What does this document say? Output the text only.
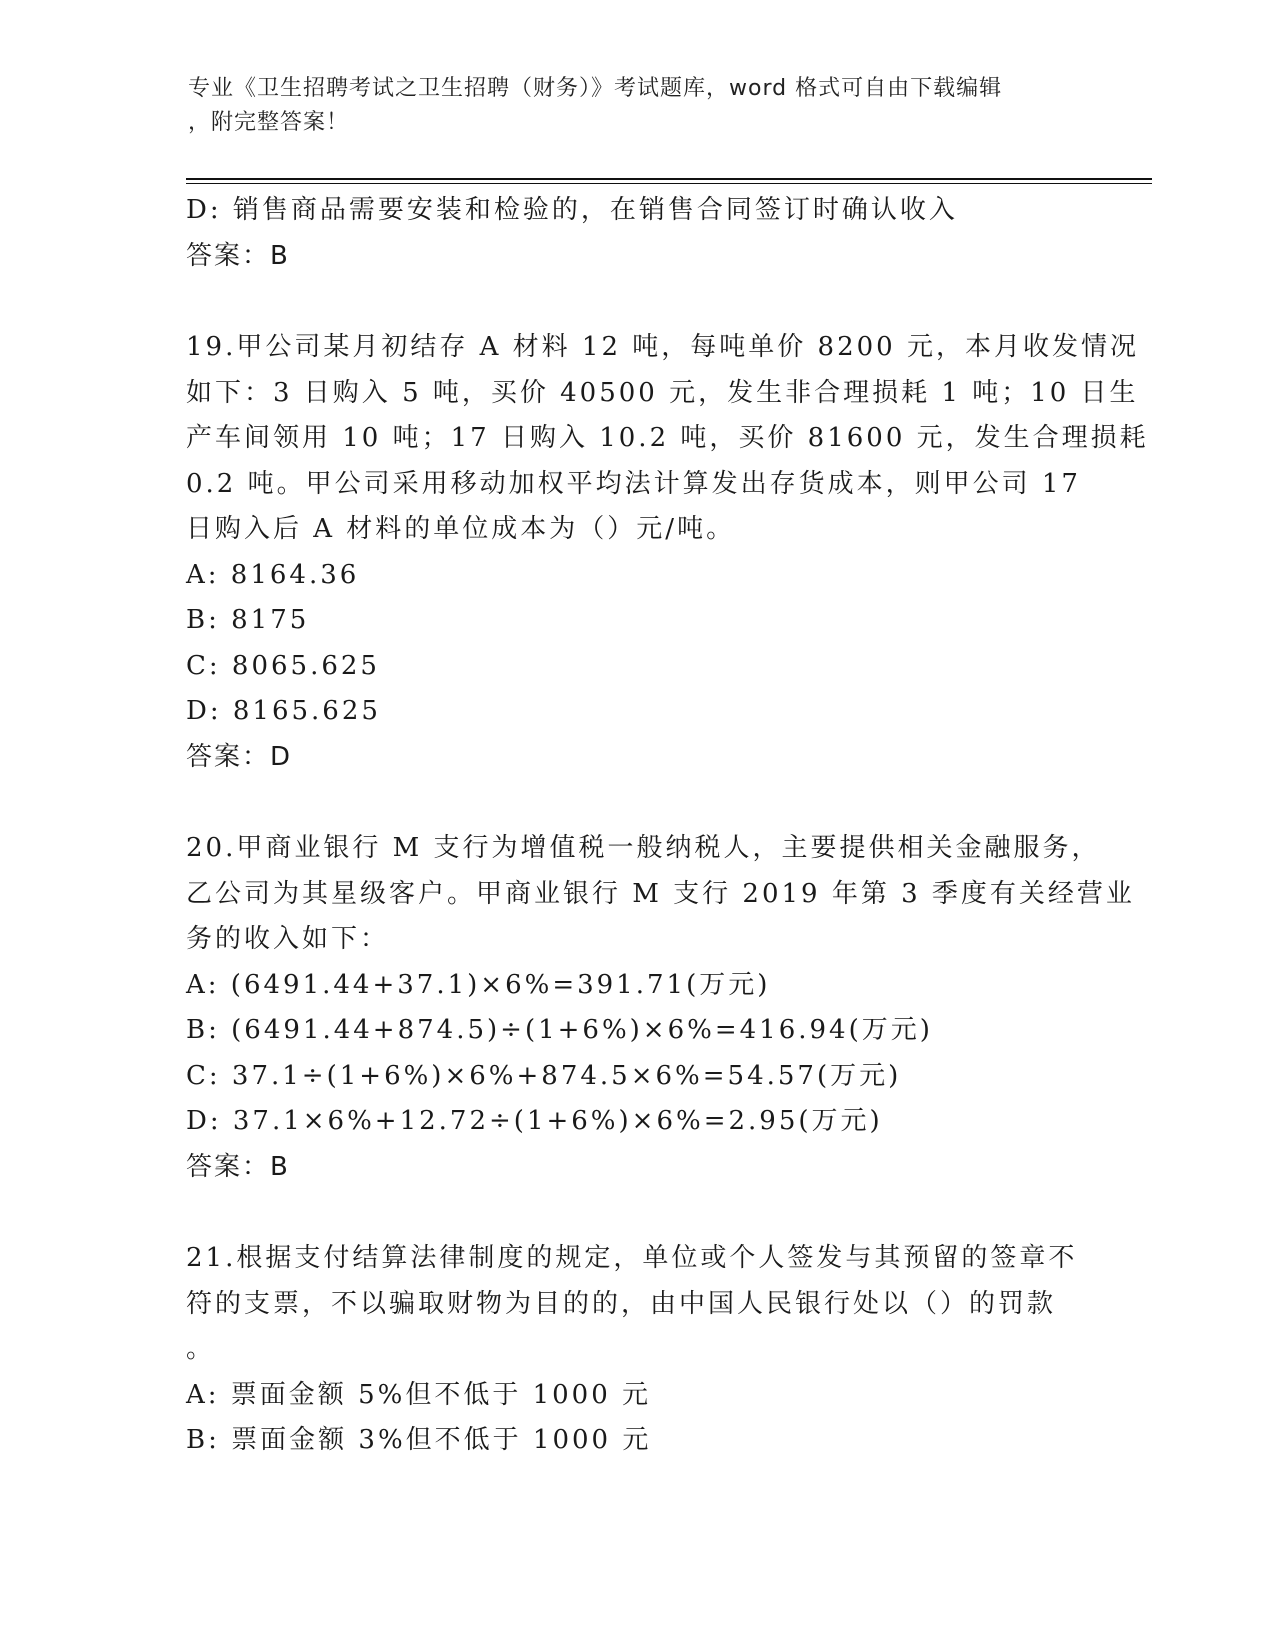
专业《卫生招聘考试之卫生招聘（财务）》考试题库，word 格式可自由下载编辑

，附完整答案！

D: 销售商品需要安装和检验的，在销售合同签订时确认收入

答案：B

19.甲公司某月初结存 A 材料 12 吨，每吨单价 8200 元，本月收发情况

如下：3 日购入 5 吨，买价 40500 元，发生非合理损耗 1 吨；10 日生

产车间领用 10 吨；17 日购入 10.2 吨，买价 81600 元，发生合理损耗

0.2 吨。甲公司采用移动加权平均法计算发出存货成本，则甲公司 17

日购入后 A 材料的单位成本为（）元/吨。

A: 8164.36

B: 8175

C: 8065.625

D: 8165.625

答案：D

20.甲商业银行 M 支行为增值税一般纳税人，主要提供相关金融服务，

乙公司为其星级客户。甲商业银行 M 支行 2019 年第 3 季度有关经营业

务的收入如下：

A: (6491.44+37.1)×6%=391.71(万元)

B: (6491.44+874.5)÷(1+6%)×6%=416.94(万元)

C: 37.1÷(1+6%)×6%+874.5×6%=54.57(万元)

D: 37.1×6%+12.72÷(1+6%)×6%=2.95(万元)

答案：B

21.根据支付结算法律制度的规定，单位或个人签发与其预留的签章不

符的支票，不以骗取财物为目的的，由中国人民银行处以（）的罚款

。

A: 票面金额 5%但不低于 1000 元

B: 票面金额 3%但不低于 1000 元
